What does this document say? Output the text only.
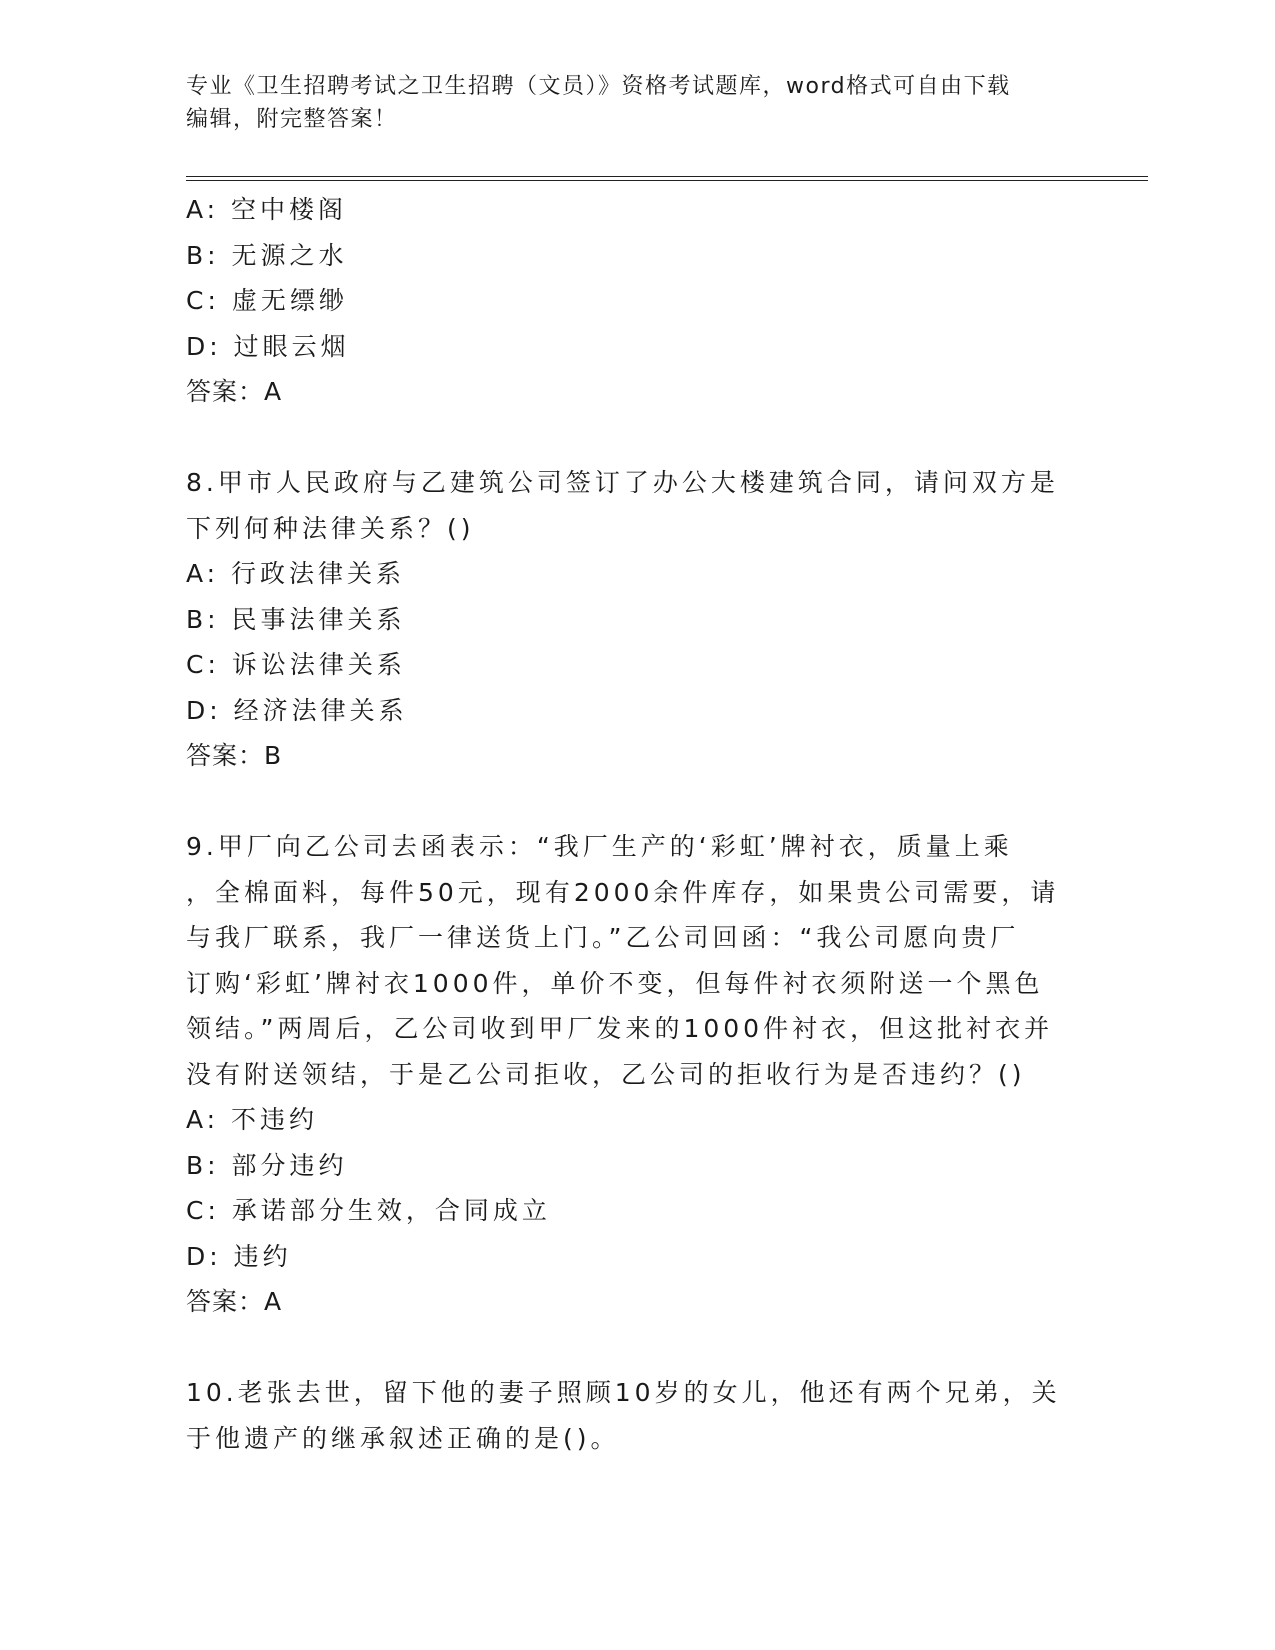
专业《卫生招聘考试之卫生招聘（文员）》资格考试题库，word格式可自由下载
编辑，附完整答案！
A: 空中楼阁
B: 无源之水
C: 虚无缥缈
D: 过眼云烟
答案：A
8.甲市人民政府与乙建筑公司签订了办公大楼建筑合同，请问双方是
下列何种法律关系？()
A: 行政法律关系
B: 民事法律关系
C: 诉讼法律关系
D: 经济法律关系
答案：B
9.甲厂向乙公司去函表示：“我厂生产的‘彩虹’牌衬衣，质量上乘
，全棉面料，每件50元，现有2000余件库存，如果贵公司需要，请
与我厂联系，我厂一律送货上门。”乙公司回函：“我公司愿向贵厂
订购‘彩虹’牌衬衣1000件，单价不变，但每件衬衣须附送一个黑色
领结。”两周后，乙公司收到甲厂发来的1000件衬衣，但这批衬衣并
没有附送领结，于是乙公司拒收，乙公司的拒收行为是否违约？()
A: 不违约
B: 部分违约
C: 承诺部分生效，合同成立
D: 违约
答案：A
10.老张去世，留下他的妻子照顾10岁的女儿，他还有两个兄弟，关
于他遗产的继承叙述正确的是()。
